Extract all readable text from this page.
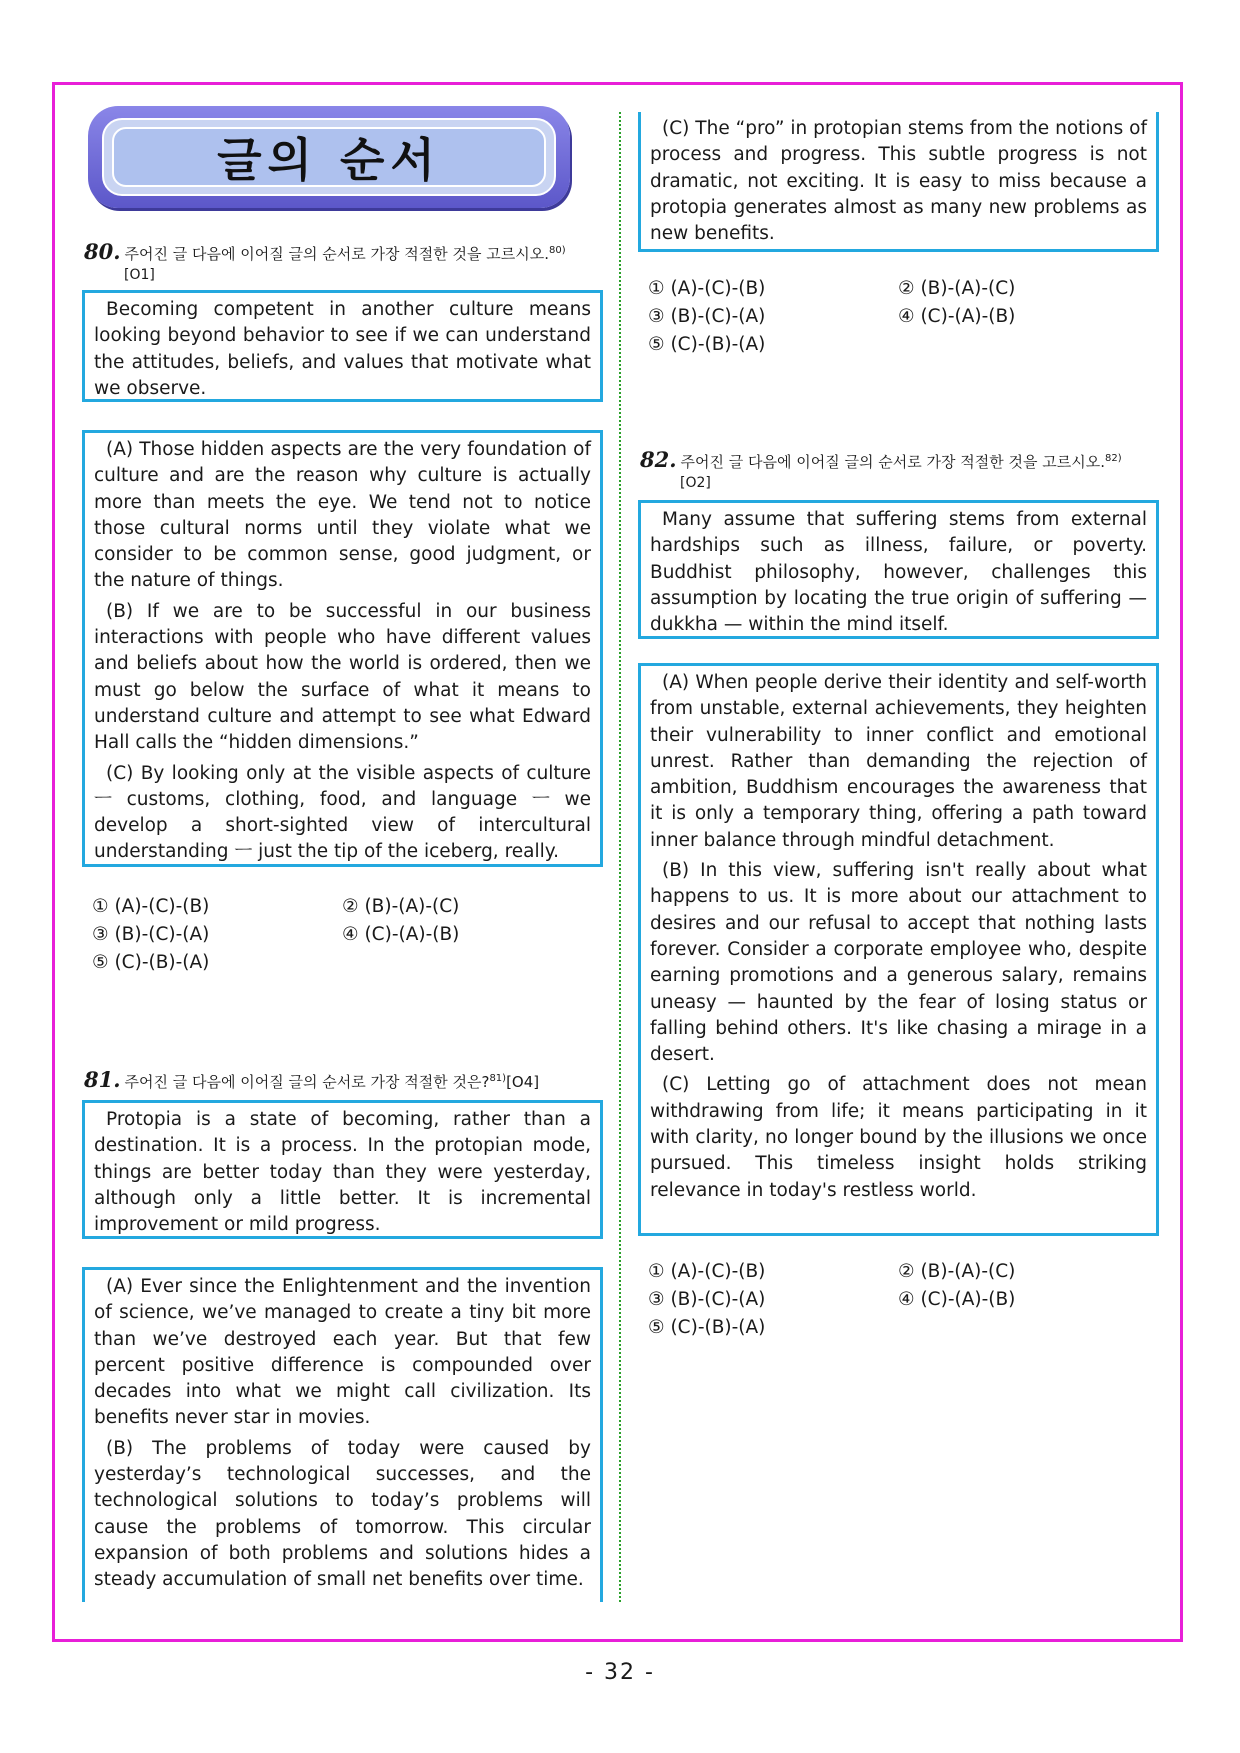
글의 순서
80. 주어진 글 다음에 이어질 글의 순서로 가장 적절한 것을 고르시오.$^{80)}$
[O1]

Becoming competent in another culture means looking beyond behavior to see if we can understand the attitudes, beliefs, and values that motivate what we observe.

(A) Those hidden aspects are the very foundation of culture and are the reason why culture is actually more than meets the eye. We tend not to notice those cultural norms until they violate what we consider to be common sense, good judgment, or the nature of things.

(B) If we are to be successful in our business interactions with people who have different values and beliefs about how the world is ordered, then we must go below the surface of what it means to understand culture and attempt to see what Edward Hall calls the “hidden dimensions.”

(C) By looking only at the visible aspects of culture ㅡ customs, clothing, food, and language ㅡ we develop a short-sighted view of intercultural understanding ㅡ just the tip of the iceberg, really.

① (A)-(C)-(B)	② (B)-(A)-(C)
③ (B)-(C)-(A)	④ (C)-(A)-(B)
⑤ (C)-(B)-(A)
81. 주어진 글 다음에 이어질 글의 순서로 가장 적절한 것은?$^{81)}$[O4]

Protopia is a state of becoming, rather than a destination. It is a process. In the protopian mode, things are better today than they were yesterday, although only a little better. It is incremental improvement or mild progress.

(A) Ever since the Enlightenment and the invention of science, we’ve managed to create a tiny bit more than we’ve destroyed each year. But that few percent positive difference is compounded over decades into what we might call civilization. Its benefits never star in movies.

(B) The problems of today were caused by yesterday’s technological successes, and the technological solutions to today’s problems will cause the problems of tomorrow. This circular expansion of both problems and solutions hides a steady accumulation of small net benefits over time.

(C) The “pro” in protopian stems from the notions of process and progress. This subtle progress is not dramatic, not exciting. It is easy to miss because a protopia generates almost as many new problems as new benefits.

① (A)-(C)-(B)	② (B)-(A)-(C)
③ (B)-(C)-(A)	④ (C)-(A)-(B)
⑤ (C)-(B)-(A)
82. 주어진 글 다음에 이어질 글의 순서로 가장 적절한 것을 고르시오.$^{82)}$
[O2]

Many assume that suffering stems from external hardships such as illness, failure, or poverty. Buddhist philosophy, however, challenges this assumption by locating the true origin of suffering — dukkha — within the mind itself.

(A) When people derive their identity and self-worth from unstable, external achievements, they heighten their vulnerability to inner conflict and emotional unrest. Rather than demanding the rejection of ambition, Buddhism encourages the awareness that it is only a temporary thing, offering a path toward inner balance through mindful detachment.

(B) In this view, suffering isn't really about what happens to us. It is more about our attachment to desires and our refusal to accept that nothing lasts forever. Consider a corporate employee who, despite earning promotions and a generous salary, remains uneasy — haunted by the fear of losing status or falling behind others. It's like chasing a mirage in a desert.

(C) Letting go of attachment does not mean withdrawing from life; it means participating in it with clarity, no longer bound by the illusions we once pursued. This timeless insight holds striking relevance in today's restless world.

① (A)-(C)-(B)	② (B)-(A)-(C)
③ (B)-(C)-(A)	④ (C)-(A)-(B)
⑤ (C)-(B)-(A)
- 32 -
